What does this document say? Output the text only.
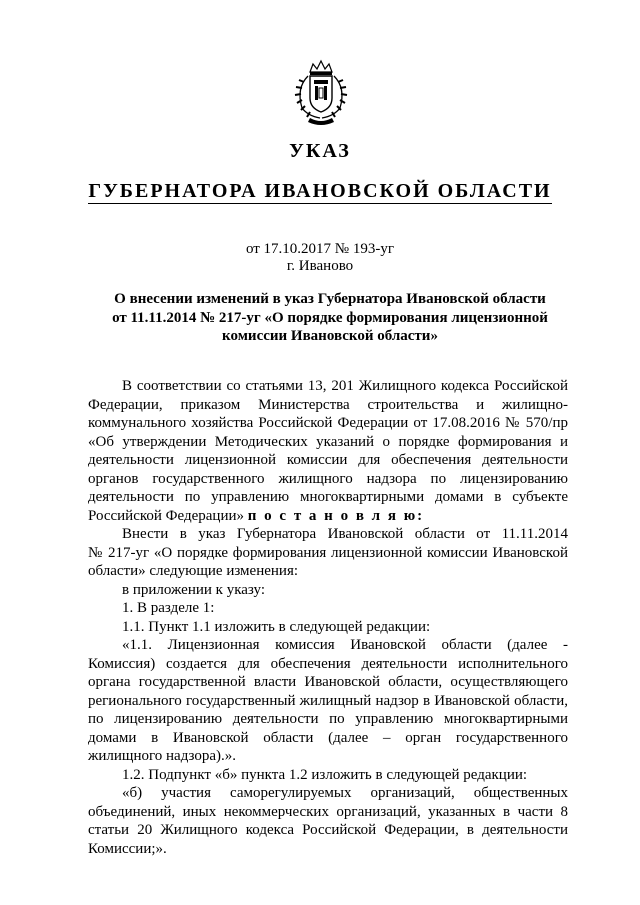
УКАЗ
ГУБЕРНАТОРА ИВАНОВСКОЙ ОБЛАСТИ
от 17.10.2017 № 193-уг
г. Иваново
О внесении изменений в указ Губернатора Ивановской области
от 11.11.2014 № 217-уг «О порядке формирования лицензионной
комиссии Ивановской области»
В соответствии со статьями 13, 201 Жилищного кодекса Российской
Федерации, приказом Министерства строительства и жилищно-
коммунального хозяйства Российской Федерации от 17.08.2016 № 570/пр
«Об утверждении Методических указаний о порядке формирования и
деятельности лицензионной комиссии для обеспечения деятельности
органов государственного жилищного надзора по лицензированию
деятельности по управлению многоквартирными домами в субъекте
Российской Федерации» п о с т а н о в л я ю:
Внести в указ Губернатора Ивановской области от 11.11.2014
№ 217-уг «О порядке формирования лицензионной комиссии Ивановской
области» следующие изменения:
в приложении к указу:
1. В разделе 1:
1.1. Пункт 1.1 изложить в следующей редакции:
«1.1. Лицензионная комиссия Ивановской области (далее -
Комиссия) создается для обеспечения деятельности исполнительного
органа государственной власти Ивановской области, осуществляющего
регионального государственный жилищный надзор в Ивановской области,
по лицензированию деятельности по управлению многоквартирными
домами в Ивановской области (далее – орган государственного
жилищного надзора).».
1.2. Подпункт «б» пункта 1.2 изложить в следующей редакции:
«б) участия саморегулируемых организаций, общественных
объединений, иных некоммерческих организаций, указанных в части 8
статьи 20 Жилищного кодекса Российской Федерации, в деятельности
Комиссии;».
